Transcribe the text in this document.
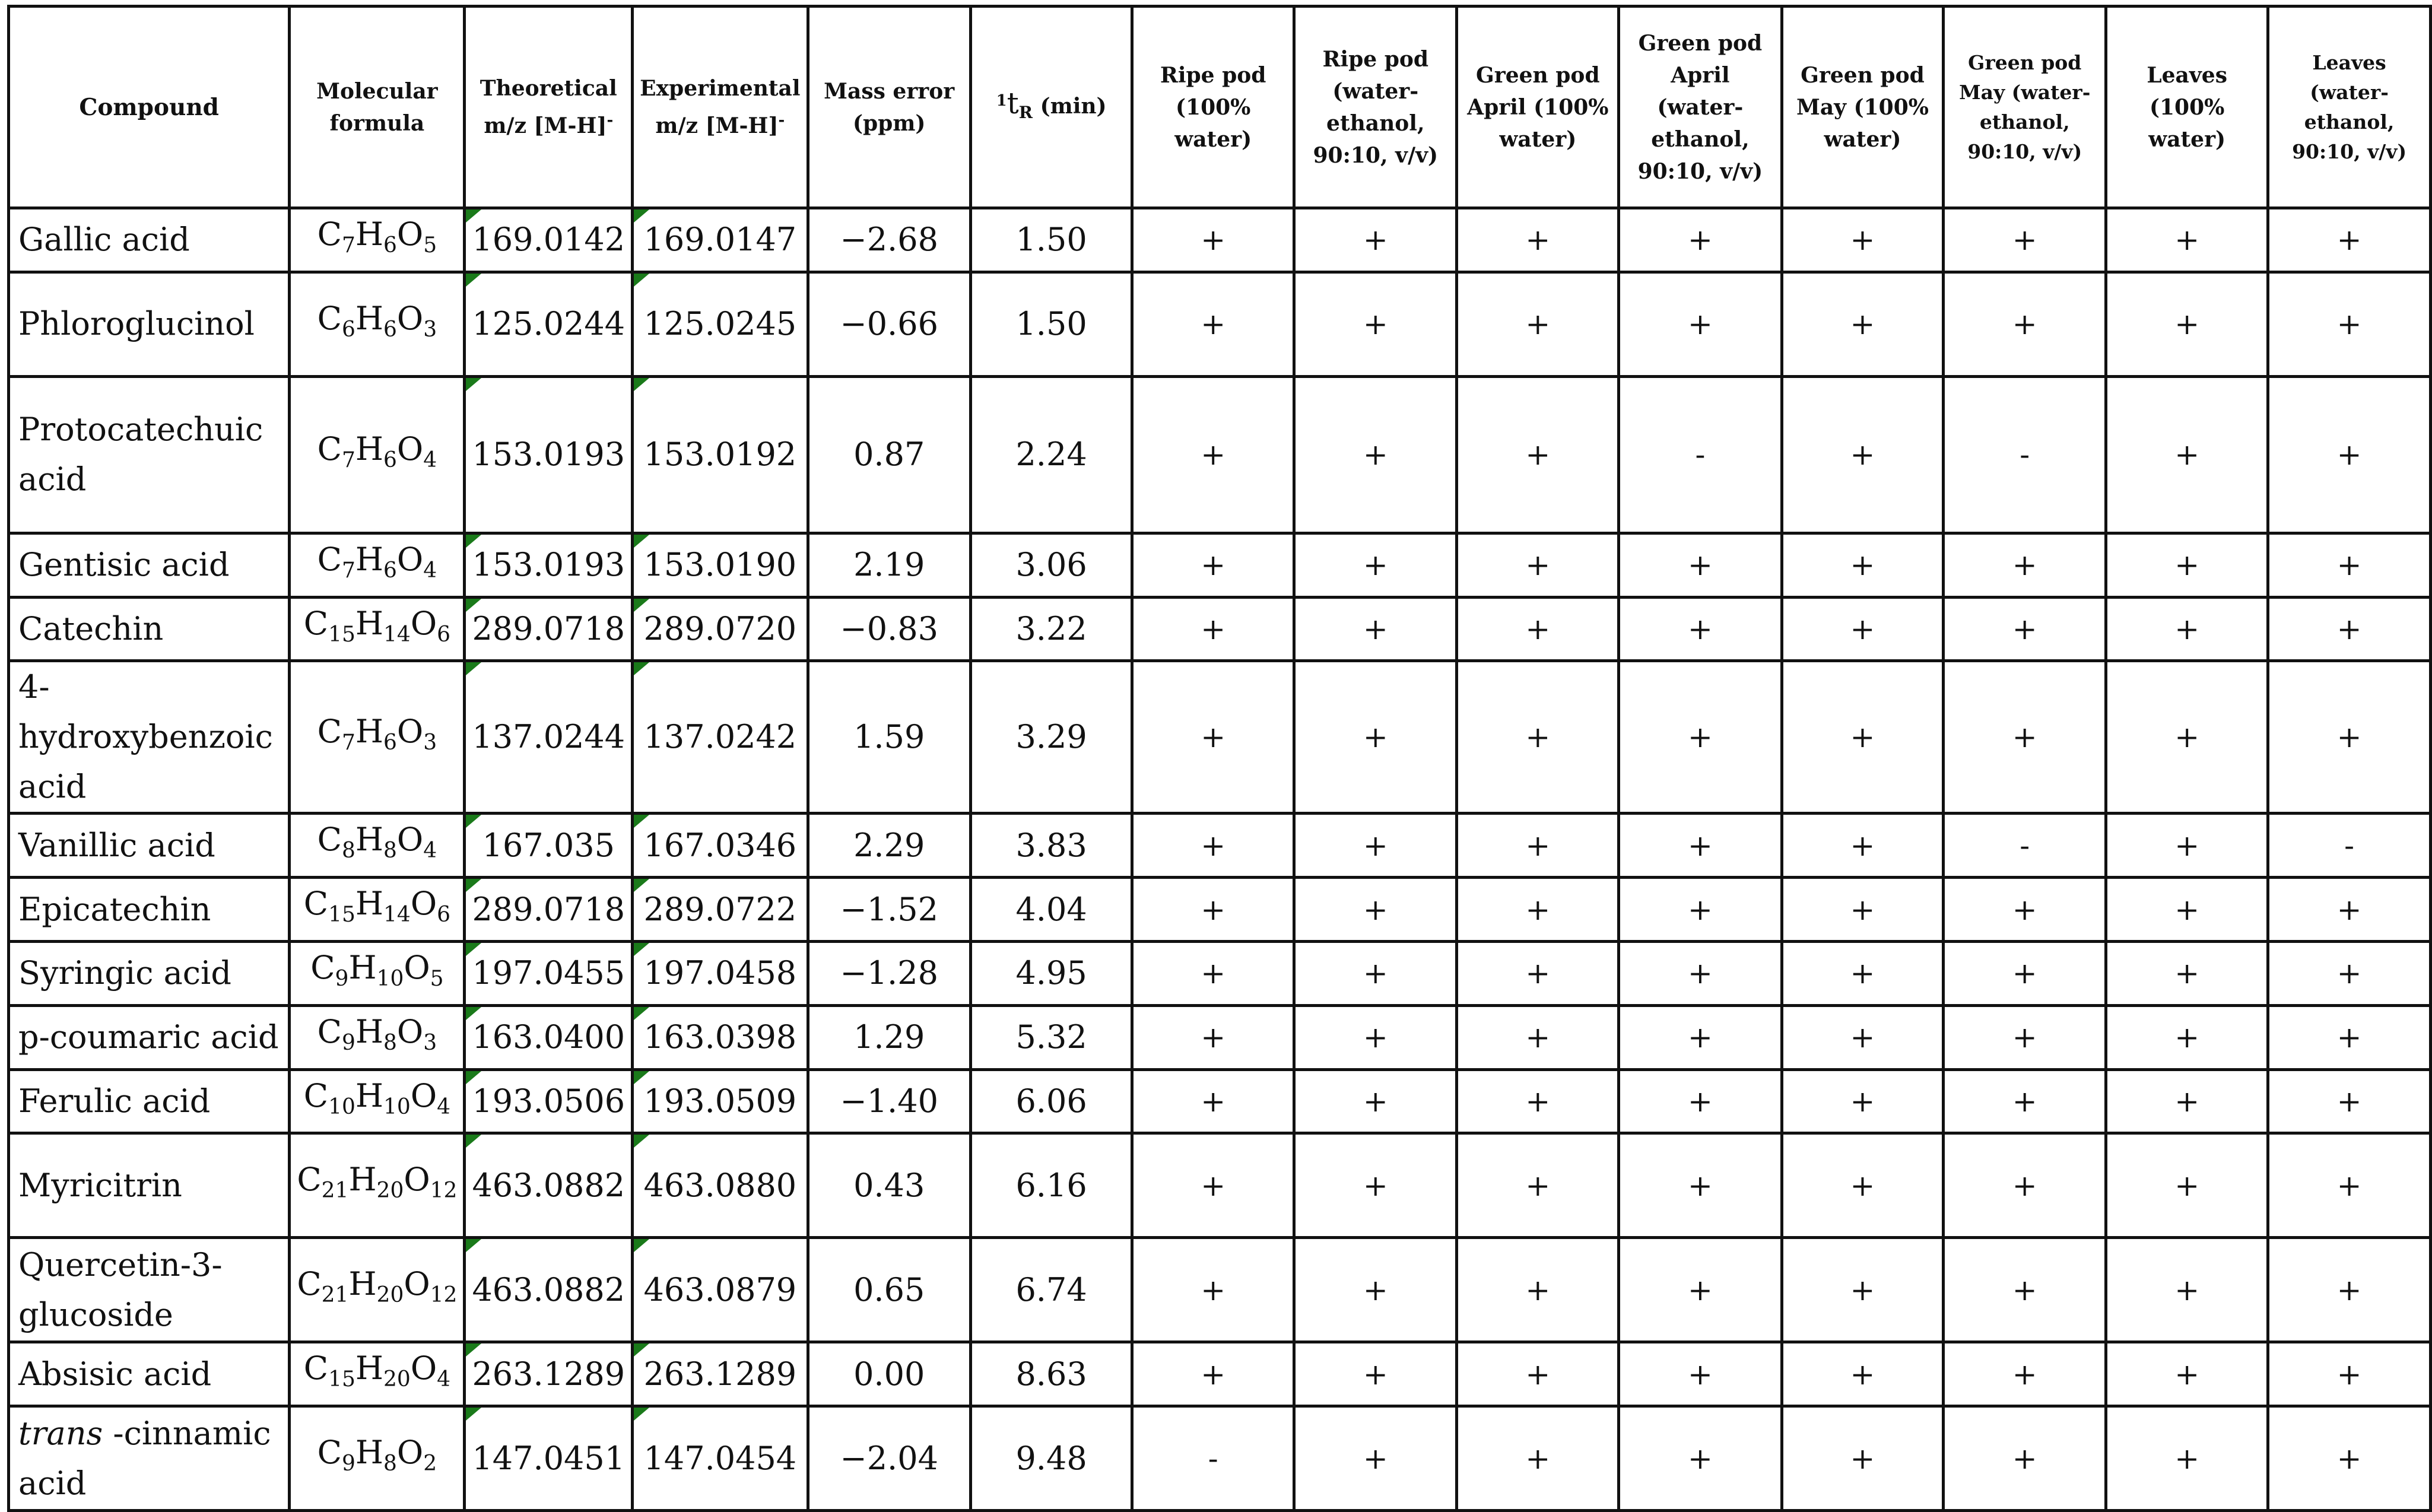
Compound	Molecular formula	Theoretical m/z [M-H]-	Experimental m/z [M-H]-	Mass error (ppm)	$^1t_R$ (min)	Ripe pod (100% water)	Ripe pod (water-ethanol, 90:10, v/v)	Green pod April (100% water)	Green pod April (water-ethanol, 90:10, v/v)	Green pod May (100% water)	Green pod May (water-ethanol, 90:10, v/v)	Leaves (100% water)	Leaves (water-ethanol, 90:10, v/v)
Gallic acid	$C_7H_6O_5$	169.0142	169.0147	−2.68	1.50	+	+	+	+	+	+	+	+
Phloroglucinol	$C_6H_6O_3$	125.0244	125.0245	−0.66	1.50	+	+	+	+	+	+	+	+
Protocatechuic acid	$C_7H_6O_4$	153.0193	153.0192	0.87	2.24	+	+	+	-	+	-	+	+
Gentisic acid	$C_7H_6O_4$	153.0193	153.0190	2.19	3.06	+	+	+	+	+	+	+	+
Catechin	$C_{15}H_{14}O_6$	289.0718	289.0720	−0.83	3.22	+	+	+	+	+	+	+	+
4-hydroxybenzoic acid	$C_7H_6O_3$	137.0244	137.0242	1.59	3.29	+	+	+	+	+	+	+	+
Vanillic acid	$C_8H_8O_4$	167.035	167.0346	2.29	3.83	+	+	+	+	+	-	+	-
Epicatechin	$C_{15}H_{14}O_6$	289.0718	289.0722	−1.52	4.04	+	+	+	+	+	+	+	+
Syringic acid	$C_9H_{10}O_5$	197.0455	197.0458	−1.28	4.95	+	+	+	+	+	+	+	+
p-coumaric acid	$C_9H_8O_3$	163.0400	163.0398	1.29	5.32	+	+	+	+	+	+	+	+
Ferulic acid	$C_{10}H_{10}O_4$	193.0506	193.0509	−1.40	6.06	+	+	+	+	+	+	+	+
Myricitrin	$C_{21}H_{20}O_{12}$	463.0882	463.0880	0.43	6.16	+	+	+	+	+	+	+	+
Quercetin-3-glucoside	$C_{21}H_{20}O_{12}$	463.0882	463.0879	0.65	6.74	+	+	+	+	+	+	+	+
Absisic acid	$C_{15}H_{20}O_4$	263.1289	263.1289	0.00	8.63	+	+	+	+	+	+	+	+
trans -cinnamic acid	$C_9H_8O_2$	147.0451	147.0454	−2.04	9.48	-	+	+	+	+	+	+	+
